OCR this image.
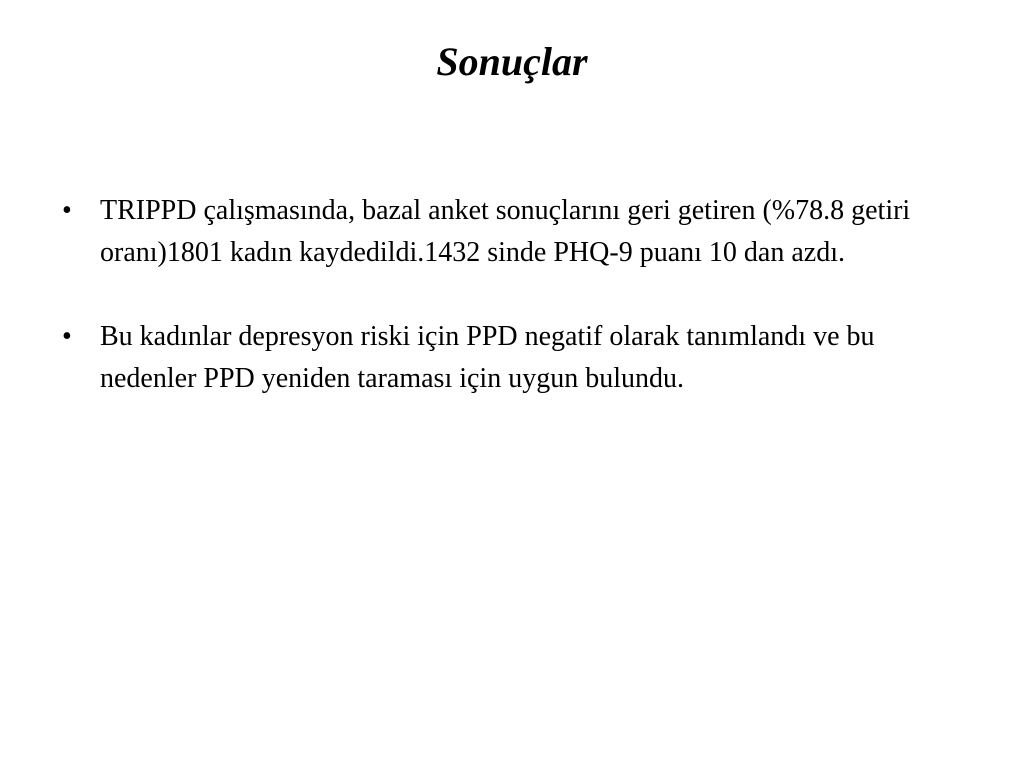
Sonuçlar
•	TRIPPD çalışmasında, bazal anket sonuçlarını geri getiren (%78.8 getiri oranı)1801 kadın kaydedildi.1432 sinde PHQ-9 puanı 10 dan azdı.
•	Bu kadınlar depresyon riski için PPD negatif olarak tanımlandı ve bu nedenler PPD yeniden taraması için uygun bulundu.
